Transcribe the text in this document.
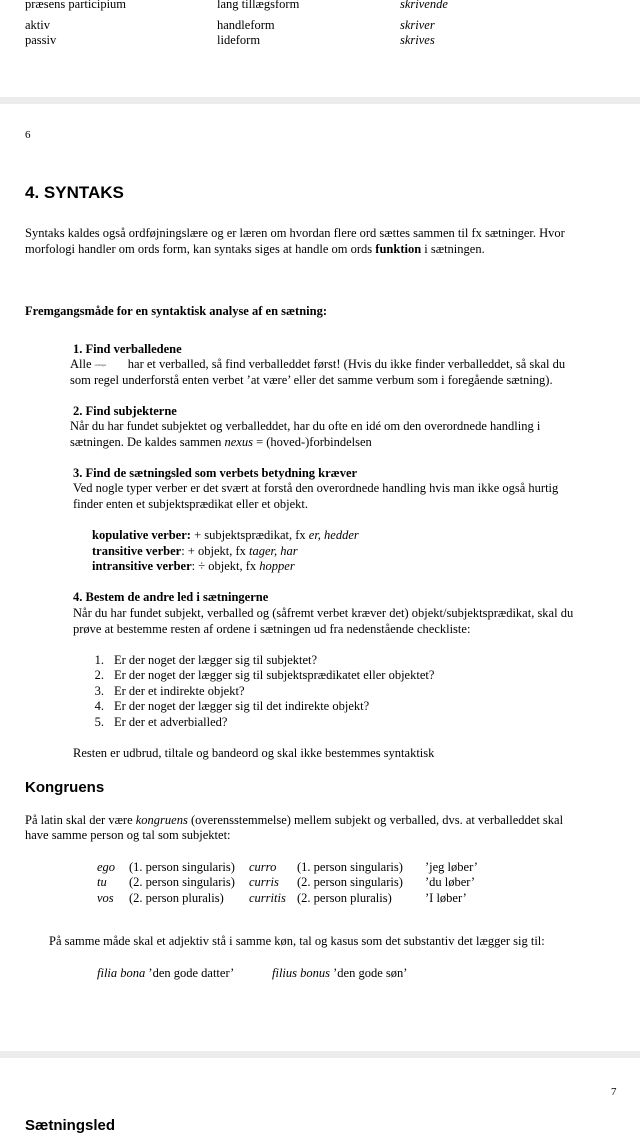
præsens participium	lang tillægsform	skrivende
aktiv	handleform	skriver
passiv	lideform	skrives
6
4. SYNTAKS
Syntaks kaldes også ordføjningslære og er læren om hvordan flere ord sættes sammen til fx sætninger. Hvor
morfologi handler om ords form, kan syntaks siges at handle om ords funktion i sætningen.
Fremgangsmåde for en syntaktisk analyse af en sætning:
1. Find verballedene
Alle sætninger har et verballed, så find verballeddet først! (Hvis du ikke finder verballeddet, så skal du
som regel underforstå enten verbet ’at være’ eller det samme verbum som i foregående sætning).
2. Find subjekterne
Når du har fundet subjektet og verballeddet, har du ofte en idé om den overordnede handling i
sætningen. De kaldes sammen nexus = (hoved-)forbindelsen
3. Find de sætningsled som verbets betydning kræver
Ved nogle typer verber er det svært at forstå den overordnede handling hvis man ikke også hurtig
finder enten et subjektsprædikat eller et objekt.
kopulative verber: + subjektsprædikat, fx er, hedder
transitive verber: + objekt, fx tager, har
intransitive verber: ÷ objekt, fx hopper
4. Bestem de andre led i sætningerne
Når du har fundet subjekt, verballed og (såfremt verbet kræver det) objekt/subjektsprædikat, skal du
prøve at bestemme resten af ordene i sætningen ud fra nedenstående checkliste:
1. Er der noget der lægger sig til subjektet?
2. Er der noget der lægger sig til subjektsprædikatet eller objektet?
3. Er der et indirekte objekt?
4. Er der noget der lægger sig til det indirekte objekt?
5. Er der et adverbialled?
Resten er udbrud, tiltale og bandeord og skal ikke bestemmes syntaktisk
Kongruens
På latin skal der være kongruens (overensstemmelse) mellem subjekt og verballed, dvs. at verballeddet skal
have samme person og tal som subjektet:
ego (1. person singularis) curro (1. person singularis) ’jeg løber’
tu (2. person singularis) curris (2. person singularis) ’du løber’
vos (2. person pluralis) curritis (2. person pluralis)	’I løber’
På samme måde skal et adjektiv stå i samme køn, tal og kasus som det substantiv det lægger sig til:
filia bona ’den gode datter’	filius bonus ’den gode søn’
7
Sætningsled
